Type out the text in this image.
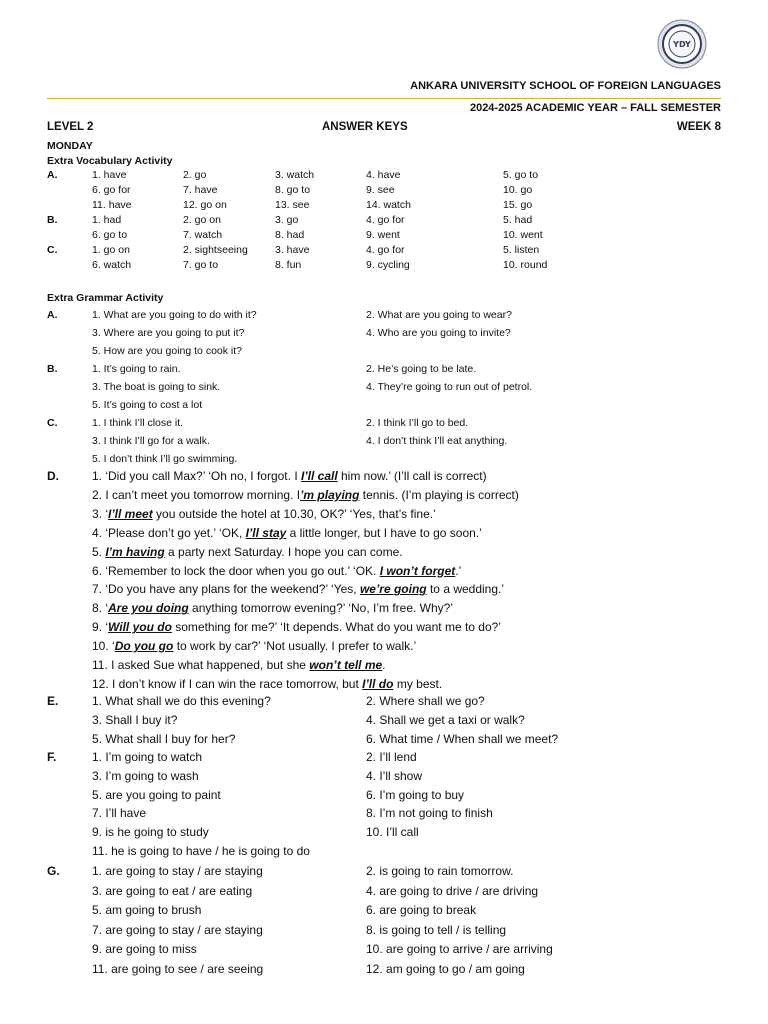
YDY
ANKARA UNIVERSITY SCHOOL OF FOREIGN LANGUAGES
2024-2025 ACADEMIC YEAR – FALL SEMESTER
LEVEL 2	ANSWER KEYS	WEEK 8
MONDAY
Extra Vocabulary Activity
A.	1. have	2. go	3. watch	4. have	5. go to
6. go for	7. have	8. go to	9. see	10. go
11. have	12. go on	13. see	14. watch	15. go
B.	1. had	2. go on	3. go	4. go for	5. had
6. go to	7. watch	8. had	9. went	10. went
C.	1. go on	2. sightseeing	3. have	4. go for	5. listen
6. watch	7. go to	8. fun	9. cycling	10. round
Extra Grammar Activity
A.	1. What are you going to do with it?	2. What are you going to wear?
3. Where are you going to put it?	4. Who are you going to invite?
5. How are you going to cook it?
B.	1. It’s going to rain.	2. He’s going to be late.
3. The boat is going to sink.	4. They’re going to run out of petrol.
5. It’s going to cost a lot
C.	1. I think I’ll close it.	2. I think I’ll go to bed.
3. I think I’ll go for a walk.	4. I don’t think I’ll eat anything.
5. I don’t think I’ll go swimming.
D.	1. ‘Did you call Max?’ ‘Oh no, I forgot. I I’ll call him now.’ (I’ll call is correct)
2. I can’t meet you tomorrow morning. I’m playing tennis. (I’m playing is correct)
3. ‘I’ll meet you outside the hotel at 10.30, OK?’ ‘Yes, that’s fine.’
4. ‘Please don’t go yet.’ ‘OK, I’ll stay a little longer, but I have to go soon.’
5. I’m having a party next Saturday. I hope you can come.
6. ‘Remember to lock the door when you go out.’ ‘OK. I won’t forget.’
7. ‘Do you have any plans for the weekend?’ ‘Yes, we’re going to a wedding.’
8. ‘Are you doing anything tomorrow evening?’ ‘No, I’m free. Why?’
9. ‘Will you do something for me?’ ‘It depends. What do you want me to do?’
10. ‘Do you go to work by car?’ ‘Not usually. I prefer to walk.’
11. I asked Sue what happened, but she won’t tell me.
12. I don’t know if I can win the race tomorrow, but I’ll do my best.
E.	1. What shall we do this evening?	2. Where shall we go?
3. Shall I buy it?	4. Shall we get a taxi or walk?
5. What shall I buy for her?	6. What time / When shall we meet?
F.	1. I’m going to watch	2. I’ll lend
3. I’m going to wash	4. I’ll show
5. are you going to paint	6. I’m going to buy
7. I’ll have	8. I’m not going to finish
9. is he going to study	10. I’ll call
11. he is going to have / he is going to do
G.	1. are going to stay / are staying	2. is going to rain tomorrow.
3. are going to eat / are eating	4. are going to drive / are driving
5. am going to brush	6. are going to break
7. are going to stay / are staying	8. is going to tell / is telling
9. are going to miss	10. are going to arrive / are arriving
11. are going to see / are seeing	12. am going to go / am going
